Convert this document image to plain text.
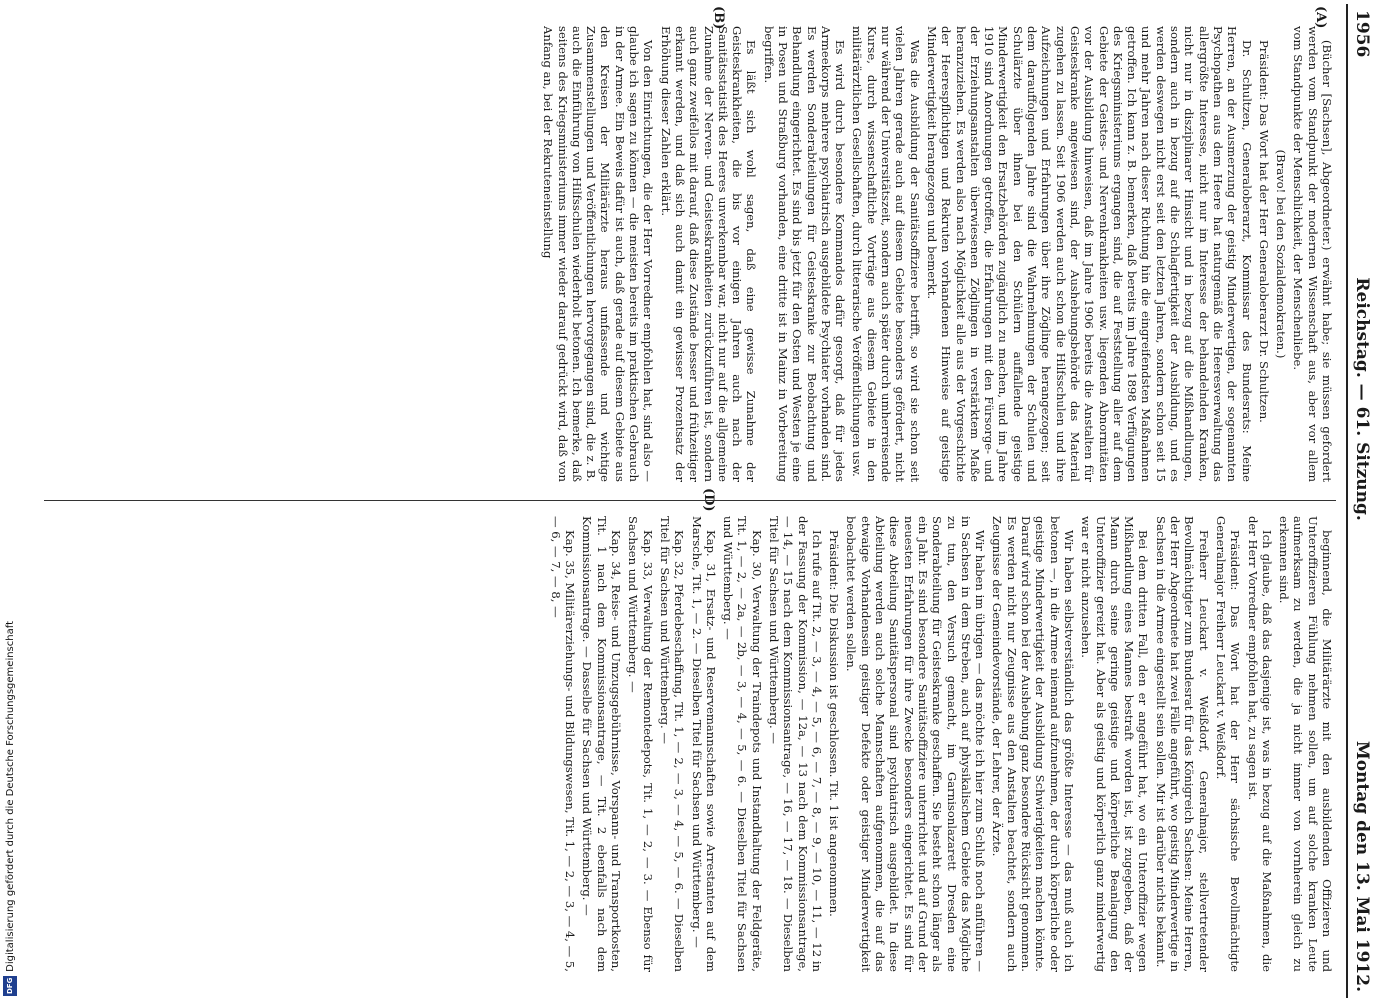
Digitalisierung gefördert durch die Deutsche Forschungsgemeinschaft
DFG
1956
Reichstag. — 61. Sitzung.
Montag den 13. Mai 1912.
(A)
(B)
(D)

(Bücher [Sachsen], Abgeordneter.) erwähnt habe; sie müssen gefordert werden vom Standpunkt der modernen Wissenschaft aus, aber vor allem vom Standpunkte der Menschlichkeit, der Menschenliebe.

(Bravo! bei den Sozialdemokraten.)

Präsident: Das Wort hat der Herr Generaloberarzt Dr. Schultzen.

Dr. Schultzen, Generaloberarzt, Kommissar des Bundesrats: Meine Herren, an der Ausmerzung der geistig Minderwertigen, der sogenannten Psychopathen aus dem Heere hat naturgemäß die Heeresverwaltung das allergrößte Interesse, nicht nur im Interesse der behandelnden Kranken, nicht nur in disziplinarer Hinsicht und in bezug auf die Mißhandlungen, sondern auch in bezug auf die Schlagfertigkeit der Ausbildung, und es werden deswegen nicht erst seit den letzten Jahren, sondern schon seit 15 und mehr Jahren nach dieser Richtung hin die eingreifendsten Maßnahmen getroffen. Ich kann z. B. bemerken, daß bereits im Jahre 1898 Verfügungen des Kriegsministeriums ergangen sind, die auf Feststellung aller auf dem Gebiete der Geistes- und Nervenkrankheiten usw. liegenden Abnormitäten vor der Ausbildung hinweisen, daß im Jahre 1906 bereits die Anstalten für Geisteskranke angewiesen sind, der Aushebungsbehörde das Material zugehen zu lassen. Seit 1906 werden auch schon die Hilfsschulen und ihre Aufzeichnungen und Erfahrungen über ihre Zöglinge herangezogen; seit dem darauffolgenden Jahre sind die Wahrnehmungen der Schulen und Schulärzte über ihnen bei den Schülern auffallende geistige Minderwertigkeit den Ersatzbehörden zugänglich zu machen, und im Jahre 1910 sind Anordnungen getroffen, die Erfahrungen mit den Fürsorge- und der Erziehungsanstalten überwiesenen Zöglingen in verstärktem Maße heranzuziehen. Es werden also nach Möglichkeit alle aus der Vorgeschichte der Heerespflichtigen und Rekruten vorhandenen Hinweise auf geistige Minderwertigkeit herangezogen und bemerkt.

Was die Ausbildung der Sanitätsoffiziere betrifft, so wird sie schon seit vielen Jahren gerade auch auf diesem Gebiete besonders gefördert, nicht nur während der Universitätszeit, sondern auch später durch umherreisende Kurse, durch wissenschaftliche Vorträge aus diesem Gebiete in den militärärztlichen Gesellschaften, durch litterarische Veröffentlichungen usw.

Es wird durch besondere Kommandos dafür gesorgt, daß für jedes Armeekorps mehrere psychiatrisch ausgebildete Psychiater vorhanden sind. Es werden Sonderabteilungen für Geisteskranke zur Beobachtung und Behandlung eingerichtet. Es sind bis jetzt für den Osten und Westen je eine in Posen und Straßburg vorhanden, eine dritte ist in Mainz in Vorbereitung begriffen.

Es läßt sich wohl sagen, daß eine gewisse Zunahme der Geisteskrankheiten, die bis vor einigen Jahren auch nach der Sanitätsstatistik des Heeres unverkennbar war, nicht nur auf die allgemeine Zunahme der Nerven- und Geisteskrankheiten zurückzuführen ist, sondern auch ganz zweifellos mit darauf, daß diese Zustände besser und frühzeitiger erkannt werden, und daß sich auch damit ein gewisser Prozentsatz der Erhöhung dieser Zahlen erklärt.

Von den Einrichtungen, die der Herr Vorredner empfohlen hat, sind also — glaube ich sagen zu können — die meisten bereits im praktischen Gebrauch in der Armee. Ein Beweis dafür ist auch, daß gerade auf diesem Gebiete aus den Kreisen der Militärärzte heraus umfassende und wichtige Zusammenstellungen und Veröffentlichungen hervorgegangen sind, die z. B. auch die Einführung von Hilfsschulen wiederholt betonen. Ich bemerke, daß seitens des Kriegsministeriums immer wieder darauf gedrückt wird, daß von Anfang an, bei der Rekruteneinstellung

beginnend, die Militärärzte mit den ausbildenden Offizieren und Unteroffizieren Fühlung nehmen sollen, um auf solche kranken Leute aufmerksam zu werden, die ja nicht immer von vornherein gleich zu erkennen sind.

Ich glaube, daß das dasjenige ist, was in bezug auf die Maßnahmen, die der Herr Vorredner empfohlen hat, zu sagen ist.

Präsident: Das Wort hat der Herr sächsische Bevollmächtigte Generalmajor Freiherr Leuckart v. Weißdorf.

Freiherr Leuckart v. Weißdorf, Generalmajor, stellvertretender Bevollmächtigter zum Bundesrat für das Königreich Sachsen: Meine Herren, der Herr Abgeordnete hat zwei Fälle angeführt, wo geistig Minderwertige in Sachsen in die Armee eingestellt sein sollen. Mir ist darüber nichts bekannt.

Bei dem dritten Fall, den er angeführt hat, wo ein Unteroffizier wegen Mißhandlung eines Mannes bestraft worden ist, ist zugegeben, daß der Mann durch seine geringe geistige und körperliche Beanlagung den Unteroffizier gereizt hat. Aber als geistig und körperlich ganz minderwertig war er nicht anzusehen.

Wir haben selbstverständlich das größte Interesse — das muß auch ich betonen —, in die Armee niemand aufzunehmen, der durch körperliche oder geistige Minderwertigkeit der Ausbildung Schwierigkeiten machen könnte. Darauf wird schon bei der Aushebung ganz besondere Rücksicht genommen. Es werden nicht nur Zeugnisse aus den Anstalten beachtet, sondern auch Zeugnisse der Gemeindevorstände, der Lehrer, der Ärzte.

Wir haben im übrigen — das möchte ich hier zum Schluß noch anführen — in Sachsen in dem Streben, auch auf physikalischem Gebiete das Mögliche zu tun, den Versuch gemacht, im Garnisonlazarett Dresden eine Sonderabteilung für Geisteskranke geschaffen. Sie besteht schon länger als ein Jahr. Es sind besondere Sanitätsoffiziere unterrichtet und auf Grund der neuesten Erfahrungen für ihre Zwecke besonders eingerichtet. Es sind für diese Abteilung Sanitätspersonal sind psychiatrisch ausgebildet. In diese Abteilung werden auch solche Mannschaften aufgenommen, die auf das etwaige Vorhandensein geistiger Defekte oder geistiger Minderwertigkeit beobachtet werden sollen.

Präsident: Die Diskussion ist geschlossen. Tit. 1 ist angenommen.

Ich rufe auf Tit. 2, — 3, — 4, — 5, — 6, — 7, — 8, — 9, — 10, — 11, — 12 in der Fassung der Kommission, — 12a, — 13 nach dem Kommissionsantrage, — 14, — 15 nach dem Kommissionsantrage, — 16, — 17, — 18. — Dieselben Titel für Sachsen und Württemberg. —

Kap. 30, Verwaltung der Traindepots und Instandhaltung der Feldgeräte, Tit. 1, — 2, — 2a, — 2b, — 3, — 4, — 5, — 6. — Dieselben Titel für Sachsen und Württemberg. —

Kap. 31, Ersatz- und Reservemannschaften sowie Arrestanten auf dem Marsche, Tit. 1, — 2. — Dieselben Titel für Sachsen und Württemberg. —

Kap. 32, Pferdebeschaffung, Tit. 1, — 2, — 3, — 4, — 5, — 6. — Dieselben Titel für Sachsen und Württemberg. —

Kap. 33, Verwaltung der Remontedepots, Tit. 1, — 2, — 3. — Ebenso für Sachsen und Württemberg. —

Kap. 34, Reise- und Umzugsgebührnisse, Vorspann- und Transportkosten, Tit. 1 nach dem Kommissionsantrage, — Tit. 2 ebenfalls nach dem Kommissionsantrage. — Dasselbe für Sachsen und Württemberg. —

Kap. 35, Militärerziehungs- und Bildungswesen, Tit. 1, — 2, — 3, — 4, — 5, — 6, — 7, — 8, —
